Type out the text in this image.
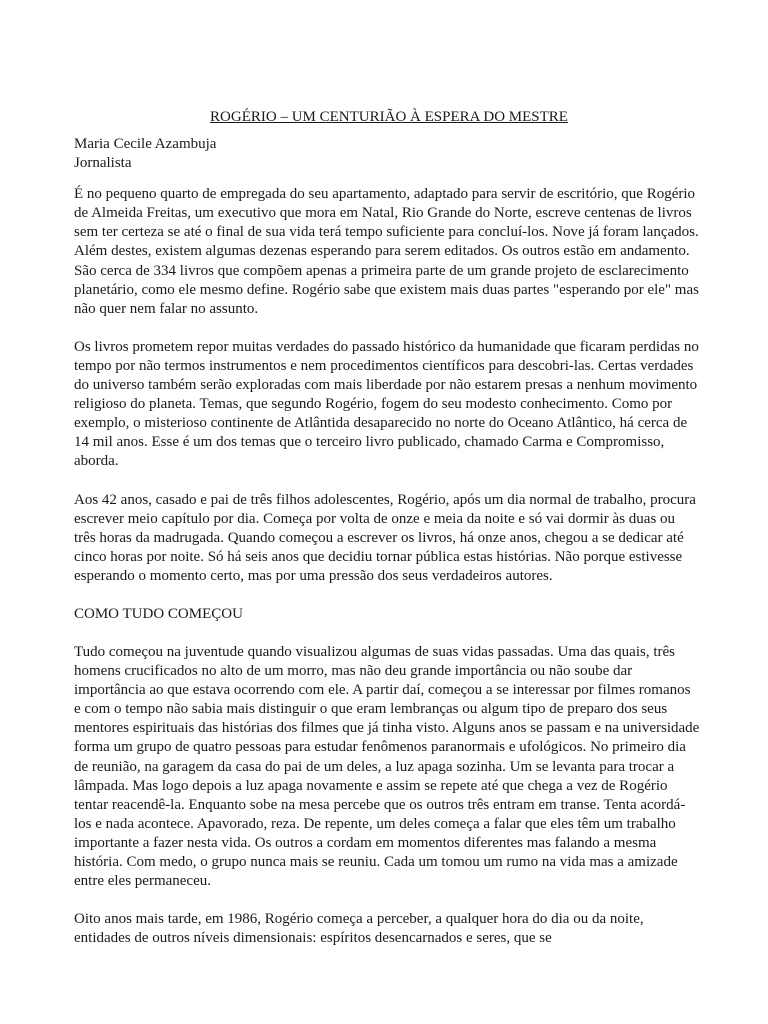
ROGÉRIO – UM CENTURIÃO À ESPERA DO MESTRE
Maria Cecile Azambuja
Jornalista

É no pequeno quarto de empregada do seu apartamento, adaptado para servir de escritório, que Rogério de Almeida Freitas, um executivo que mora em Natal, Rio Grande do Norte, escreve centenas de livros sem ter certeza se até o final de sua vida terá tempo suficiente para concluí-los. Nove já foram lançados. Além destes, existem algumas dezenas esperando para serem editados. Os outros estão em andamento. São cerca de 334 livros que compõem apenas a primeira parte de um grande projeto de esclarecimento planetário, como ele mesmo define. Rogério sabe que existem mais duas partes "esperando por ele" mas não quer nem falar no assunto.

Os livros prometem repor muitas verdades do passado histórico da humanidade que ficaram perdidas no tempo por não termos instrumentos e nem procedimentos científicos para descobri-las. Certas verdades do universo também serão exploradas com mais liberdade por não estarem presas a nenhum movimento religioso do planeta. Temas, que segundo Rogério, fogem do seu modesto conhecimento. Como por exemplo, o misterioso continente de Atlântida desaparecido no norte do Oceano Atlântico, há cerca de 14 mil anos. Esse é um dos temas que o terceiro livro publicado, chamado Carma e Compromisso, aborda.

Aos 42 anos, casado e pai de três filhos adolescentes, Rogério, após um dia normal de trabalho, procura escrever meio capítulo por dia. Começa por volta de onze e meia da noite e só vai dormir às duas ou três horas da madrugada. Quando começou a escrever os livros, há onze anos, chegou a se dedicar até cinco horas por noite. Só há seis anos que decidiu tornar pública estas histórias. Não porque estivesse esperando o momento certo, mas por uma pressão dos seus verdadeiros autores.

COMO TUDO COMEÇOU

Tudo começou na juventude quando visualizou algumas de suas vidas passadas. Uma das quais, três homens crucificados no alto de um morro, mas não deu grande importância ou não soube dar importância ao que estava ocorrendo com ele. A partir daí, começou a se interessar por filmes romanos e com o tempo não sabia mais distinguir o que eram lembranças ou algum tipo de preparo dos seus mentores espirituais das histórias dos filmes que já tinha visto. Alguns anos se passam e na universidade forma um grupo de quatro pessoas para estudar fenômenos paranormais e ufológicos. No primeiro dia de reunião, na garagem da casa do pai de um deles, a luz apaga sozinha. Um se levanta para trocar a lâmpada. Mas logo depois a luz apaga novamente e assim se repete até que chega a vez de Rogério tentar reacendê-la. Enquanto sobe na mesa percebe que os outros três entram em transe. Tenta acordá-los e nada acontece. Apavorado, reza. De repente, um deles começa a falar que eles têm um trabalho importante a fazer nesta vida. Os outros a cordam em momentos diferentes mas falando a mesma história. Com medo, o grupo nunca mais se reuniu. Cada um tomou um rumo na vida mas a amizade entre eles permaneceu.

Oito anos mais tarde, em 1986, Rogério começa a perceber, a qualquer hora do dia ou da noite, entidades de outros níveis dimensionais: espíritos desencarnados e seres, que se
